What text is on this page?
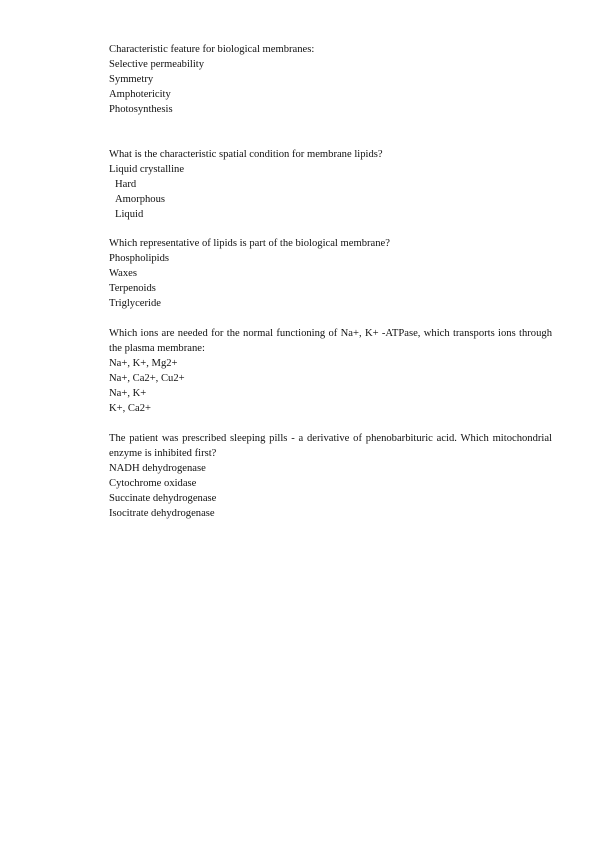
Characteristic feature for biological membranes:
Selective permeability
Symmetry
Amphotericity
Photosynthesis
What is the characteristic spatial condition for membrane lipids?
Liquid crystalline
Hard
Amorphous
Liquid
Which representative of lipids is part of the biological membrane?
Phospholipids
Waxes
Terpenoids
Triglyceride
Which ions are needed for the normal functioning of Na+, K+ -ATPase, which transports ions through the plasma membrane:
Na+, K+, Mg2+
Na+, Ca2+, Cu2+
Na+, K+
K+, Ca2+
The patient was prescribed sleeping pills - a derivative of phenobarbituric acid. Which mitochondrial enzyme is inhibited first?
NADH dehydrogenase
Cytochrome oxidase
Succinate dehydrogenase
Isocitrate dehydrogenase
